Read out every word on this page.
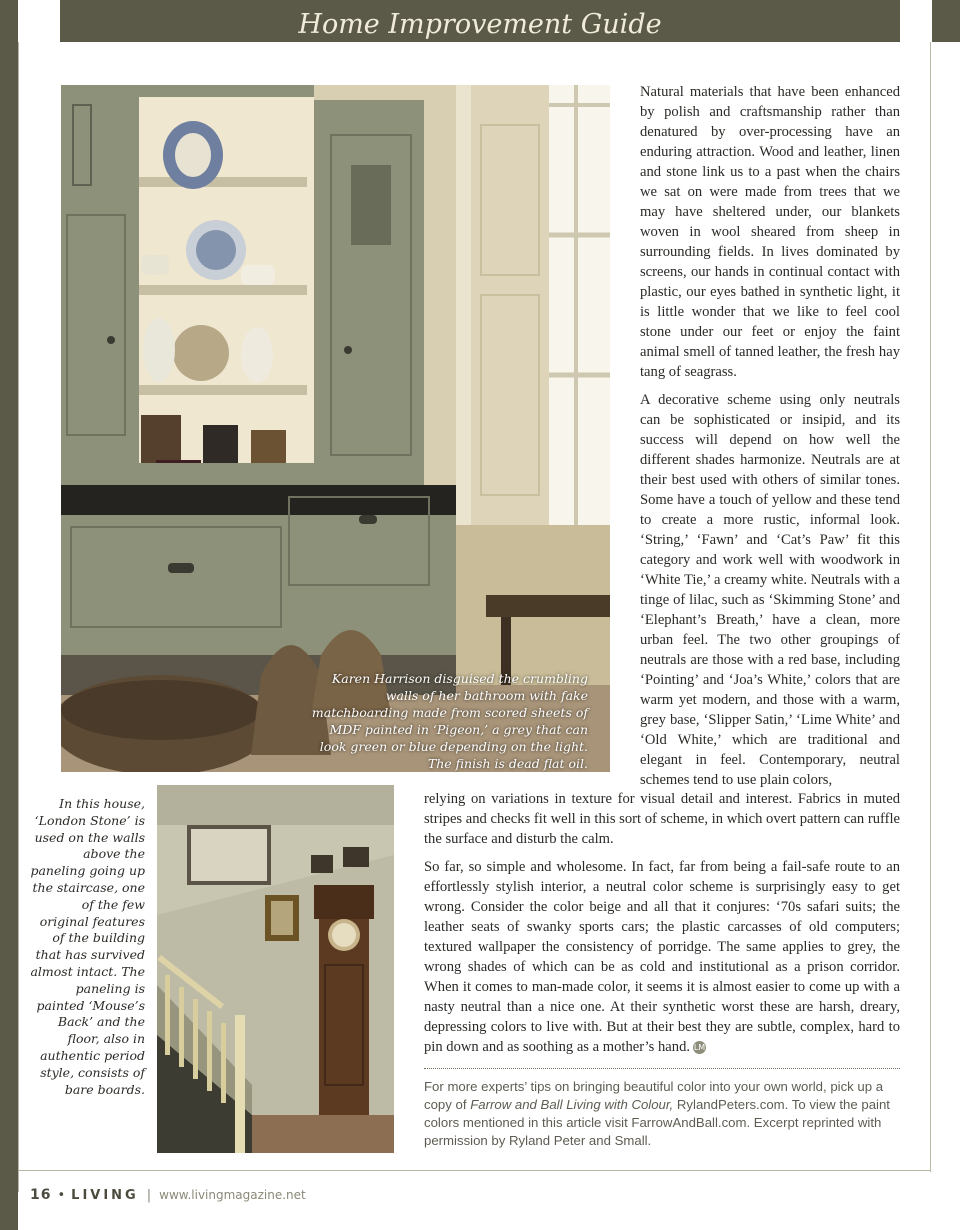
Home Improvement Guide
Karen Harrison disguised the crumbling walls of her bathroom with fake matchboarding made from scored sheets of MDF painted in ‘Pigeon,’ a grey that can look green or blue depending on the light. The finish is dead flat oil.
In this house, ‘London Stone’ is used on the walls above the paneling going up the staircase, one of the few original features of the building that has survived almost intact. The paneling is painted ‘Mouse’s Back’ and the floor, also in authentic period style, consists of bare boards.

Natural materials that have been enhanced by polish and craftsmanship rather than denatured by over-processing have an enduring attraction. Wood and leather, linen and stone link us to a past when the chairs we sat on were made from trees that we may have sheltered under, our blankets woven in wool sheared from sheep in surrounding fields. In lives dominated by screens, our hands in continual contact with plastic, our eyes bathed in synthetic light, it is little wonder that we like to feel cool stone under our feet or enjoy the faint animal smell of tanned leather, the fresh hay tang of seagrass.

A decorative scheme using only neutrals can be sophisticated or insipid, and its success will depend on how well the different shades harmonize. Neutrals are at their best used with others of similar tones. Some have a touch of yellow and these tend to create a more rustic, informal look. ‘String,’ ‘Fawn’ and ‘Cat’s Paw’ fit this category and work well with woodwork in ‘White Tie,’ a creamy white. Neutrals with a tinge of lilac, such as ‘Skimming Stone’ and ‘Elephant’s Breath,’ have a clean, more urban feel. The two other groupings of neutrals are those with a red base, including ‘Pointing’ and ‘Joa’s White,’ colors that are warm yet modern, and those with a warm, grey base, ‘Slipper Satin,’ ‘Lime White’ and ‘Old White,’ which are traditional and elegant in feel. Contemporary, neutral schemes tend to use plain colors,

relying on variations in texture for visual detail and interest. Fabrics in muted stripes and checks fit well in this sort of scheme, in which overt pattern can ruffle the surface and disturb the calm.

So far, so simple and wholesome. In fact, far from being a fail-safe route to an effortlessly stylish interior, a neutral color scheme is surprisingly easy to get wrong. Consider the color beige and all that it conjures: ‘70s safari suits; the leather seats of swanky sports cars; the plastic carcasses of old computers; textured wallpaper the consistency of porridge. The same applies to grey, the wrong shades of which can be as cold and institutional as a prison corridor. When it comes to man-made color, it seems it is almost easier to come up with a nasty neutral than a nice one. At their synthetic worst these are harsh, dreary, depressing colors to live with. But at their best they are subtle, complex, hard to pin down and as soothing as a mother’s hand. LM

For more experts’ tips on bringing beautiful color into your own world, pick up a copy of Farrow and Ball Living with Colour, RylandPeters.com. To view the paint colors mentioned in this article visit FarrowAndBall.com. Excerpt reprinted with permission by Ryland Peter and Small.
16 • LIVING | www.livingmagazine.net
